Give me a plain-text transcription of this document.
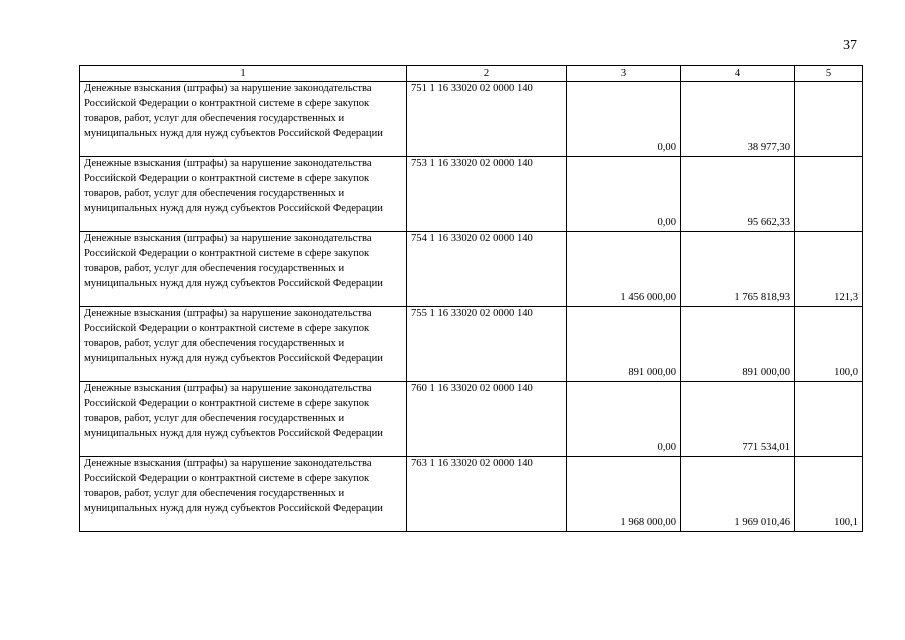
37
1	2	3	4	5
Денежные взыскания (штрафы) за нарушение законодательства Российской Федерации о контрактной системе в сфере закупок товаров, работ, услуг для обеспечения государственных и муниципальных нужд для нужд субъектов Российской Федерации	751 1 16 33020 02 0000 140	0,00	38 977,30	
Денежные взыскания (штрафы) за нарушение законодательства Российской Федерации о контрактной системе в сфере закупок товаров, работ, услуг для обеспечения государственных и муниципальных нужд для нужд субъектов Российской Федерации	753 1 16 33020 02 0000 140	0,00	95 662,33	
Денежные взыскания (штрафы) за нарушение законодательства Российской Федерации о контрактной системе в сфере закупок товаров, работ, услуг для обеспечения государственных и муниципальных нужд для нужд субъектов Российской Федерации	754 1 16 33020 02 0000 140	1 456 000,00	1 765 818,93	121,3
Денежные взыскания (штрафы) за нарушение законодательства Российской Федерации о контрактной системе в сфере закупок товаров, работ, услуг для обеспечения государственных и муниципальных нужд для нужд субъектов Российской Федерации	755 1 16 33020 02 0000 140	891 000,00	891 000,00	100,0
Денежные взыскания (штрафы) за нарушение законодательства Российской Федерации о контрактной системе в сфере закупок товаров, работ, услуг для обеспечения государственных и муниципальных нужд для нужд субъектов Российской Федерации	760 1 16 33020 02 0000 140	0,00	771 534,01	
Денежные взыскания (штрафы) за нарушение законодательства Российской Федерации о контрактной системе в сфере закупок товаров, работ, услуг для обеспечения государственных и муниципальных нужд для нужд субъектов Российской Федерации	763 1 16 33020 02 0000 140	1 968 000,00	1 969 010,46	100,1
